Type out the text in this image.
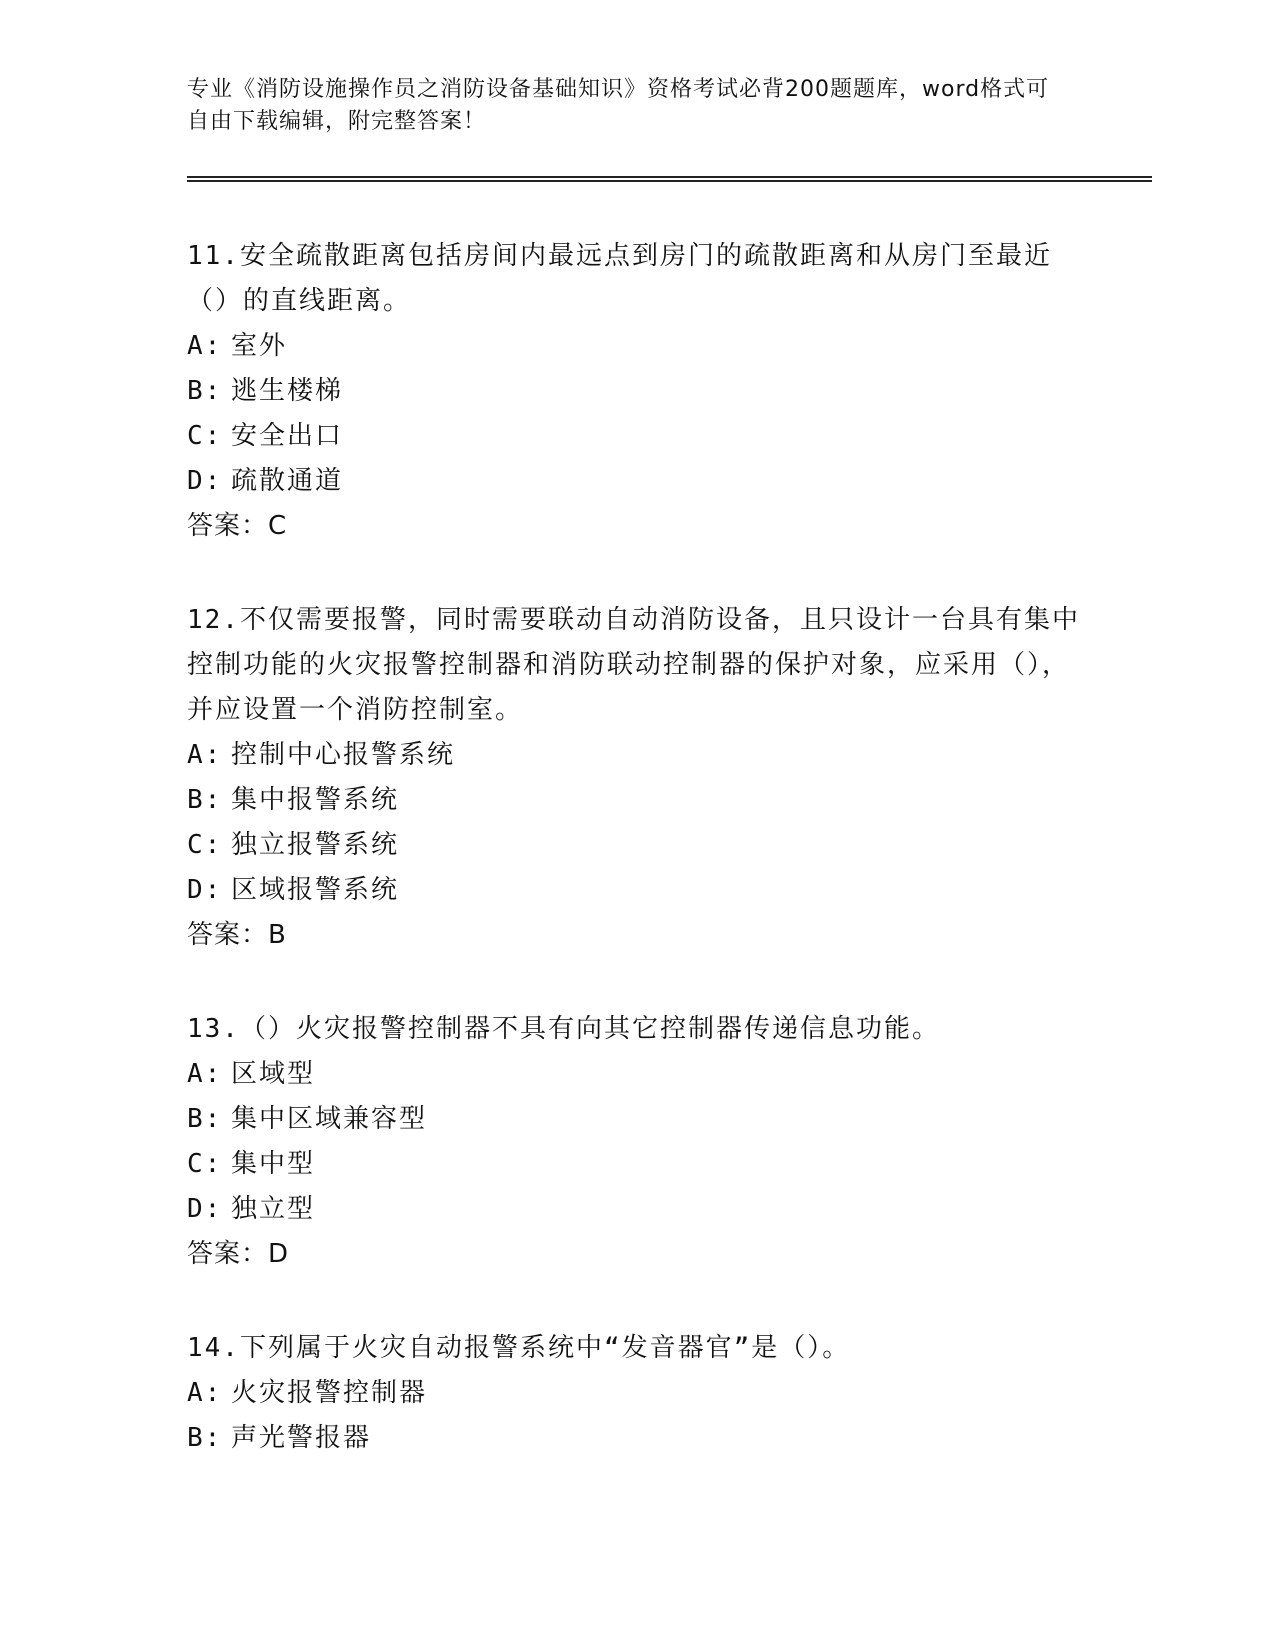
专业《消防设施操作员之消防设备基础知识》资格考试必背200题题库，word格式可自由下载编辑，附完整答案！
11.安全疏散距离包括房间内最远点到房门的疏散距离和从房门至最近（）的直线距离。
A: 室外
B: 逃生楼梯
C: 安全出口
D: 疏散通道
答案：C
12.不仅需要报警，同时需要联动自动消防设备，且只设计一台具有集中控制功能的火灾报警控制器和消防联动控制器的保护对象，应采用（），并应设置一个消防控制室。
A: 控制中心报警系统
B: 集中报警系统
C: 独立报警系统
D: 区域报警系统
答案：B
13.（）火灾报警控制器不具有向其它控制器传递信息功能。
A: 区域型
B: 集中区域兼容型
C: 集中型
D: 独立型
答案：D
14.下列属于火灾自动报警系统中“发音器官”是（）。
A: 火灾报警控制器
B: 声光警报器
